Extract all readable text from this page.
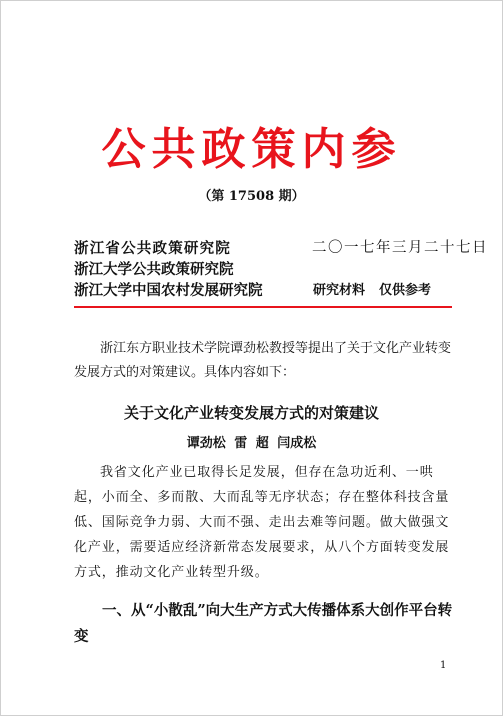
公共政策内参
（第 17508 期）
浙江省公共政策研究院
浙江大学公共政策研究院
浙江大学中国农村发展研究院
二〇一七年三月二十七日
研究材料 仅供参考

浙江东方职业技术学院谭劲松教授等提出了关于文化产业转变发展方式的对策建议。具体内容如下：

关于文化产业转变发展方式的对策建议
谭劲松 雷 超 闫成松

我省文化产业已取得长足发展，但存在急功近利、一哄起，小而全、多而散、大而乱等无序状态；存在整体科技含量低、国际竞争力弱、大而不强、走出去难等问题。做大做强文化产业，需要适应经济新常态发展要求，从八个方面转变发展方式，推动文化产业转型升级。

一、从“小散乱”向大生产方式大传播体系大创作平台转变
1
